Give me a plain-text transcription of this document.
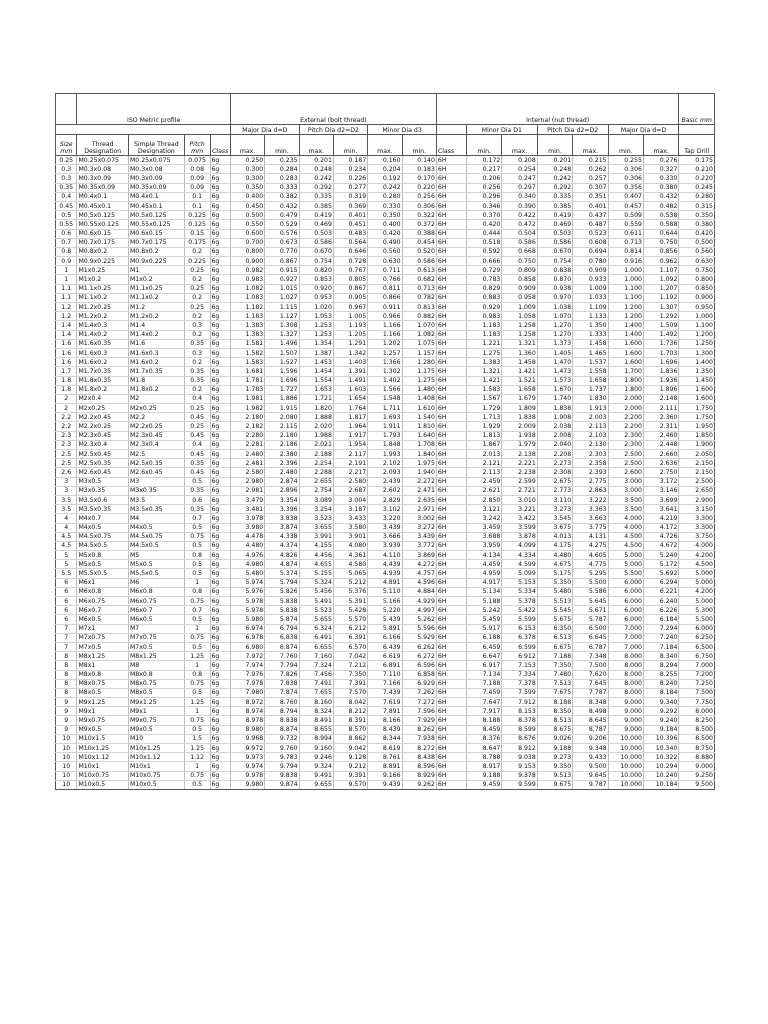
	ISO Metric profile				External (bolt thread)						Internal (nut thread)							Basic mm
					Major Dia d=D		Pitch Dia d2=D2		Minor Dia d3			Minor Dia D1		Pitch Dia d2=D2		Major Dia d=D		
Size mm	Thread Designation	Simple Thread Designation	Pitch mm	Class	max.	min.	max.	min.	max.	min.	Class	min.	max.	min.	max.	min.	max.	Tap Drill
0.25	M0.25x0.075	M0.25x0.075	0.075	6g	0.250	0.235	0.201	0.187	0.160	0.140	6H	0.172	0.208	0.201	0.215	0.255	0.276	0.175
0.3	M0.3x0.08	M0.3x0.08	0.08	6g	0.300	0.284	0.248	0.234	0.204	0.183	6H	0.217	0.254	0.248	0.262	0.306	0.327	0.210
0.3	M0.3x0.09	M0.3x0.09	0.09	6g	0.300	0.283	0.242	0.226	0.192	0.170	6H	0.206	0.247	0.242	0.257	0.306	0.330	0.220
0.35	M0.35x0.09	M0.35x0.09	0.09	6g	0.350	0.333	0.292	0.277	0.242	0.220	6H	0.256	0.297	0.292	0.307	0.356	0.380	0.245
0.4	M0.4x0.1	M0.4x0.1	0.1	6g	0.400	0.382	0.335	0.319	0.280	0.256	6H	0.296	0.340	0.335	0.351	0.407	0.432	0.280
0.45	M0.45x0.1	M0.45x0.1	0.1	6g	0.450	0.432	0.385	0.369	0.330	0.306	6H	0.346	0.390	0.385	0.401	0.457	0.482	0.315
0.5	M0.5x0.125	M0.5x0.125	0.125	6g	0.500	0.479	0.419	0.401	0.350	0.322	6H	0.370	0.422	0.419	0.437	0.509	0.538	0.350
0.55	M0.55x0.125	M0.55x0.125	0.125	6g	0.550	0.529	0.469	0.451	0.400	0.372	6H	0.420	0.472	0.469	0.487	0.559	0.588	0.380
0.6	M0.6x0.15	M0.6x0.15	0.15	6g	0.600	0.576	0.503	0.483	0.420	0.388	6H	0.444	0.504	0.503	0.523	0.611	0.644	0.420
0.7	M0.7x0.175	M0.7x0.175	0.175	6g	0.700	0.673	0.586	0.564	0.490	0.454	6H	0.518	0.586	0.586	0.608	0.713	0.750	0.500
0.8	M0.8x0.2	M0.8x0.2	0.2	6g	0.800	0.770	0.670	0.646	0.560	0.520	6H	0.592	0.668	0.670	0.694	0.814	0.856	0.560
0.9	M0.9x0.225	M0.9x0.225	0.225	6g	0.900	0.867	0.754	0.728	0.630	0.586	6H	0.666	0.750	0.754	0.780	0.916	0.962	0.630
1	M1x0.25	M1	0.25	6g	0.982	0.915	0.820	0.767	0.711	0.613	6H	0.729	0.809	0.838	0.909	1.000	1.107	0.750
1	M1x0.2	M1x0.2	0.2	6g	0.983	0.927	0.853	0.805	0.766	0.682	6H	0.783	0.858	0.870	0.933	1.000	1.092	0.800
1.1	M1.1x0.25	M1.1x0.25	0.25	6g	1.082	1.015	0.920	0.867	0.811	0.713	6H	0.829	0.909	0.938	1.009	1.100	1.207	0.850
1.1	M1.1x0.2	M1.1x0.2	0.2	6g	1.083	1.027	0.953	0.905	0.866	0.782	6H	0.883	0.958	0.970	1.033	1.100	1.192	0.900
1.2	M1.2x0.25	M1.2	0.25	6g	1.182	1.115	1.020	0.967	0.911	0.813	6H	0.929	1.009	1.038	1.109	1.200	1.307	0.950
1.2	M1.2x0.2	M1.2x0.2	0.2	6g	1.183	1.127	1.053	1.005	0.966	0.882	6H	0.983	1.058	1.070	1.133	1.200	1.292	1.000
1.4	M1.4x0.3	M1.4	0.3	6g	1.383	1.308	1.253	1.193	1.166	1.070	6H	1.183	1.258	1.270	1.350	1.400	1.509	1.100
1.4	M1.4x0.2	M1.4x0.2	0.2	6g	1.383	1.327	1.253	1.205	1.166	1.082	6H	1.183	1.258	1.270	1.333	1.400	1.492	1.200
1.6	M1.6x0.35	M1.6	0.35	6g	1.581	1.496	1.354	1.291	1.202	1.075	6H	1.221	1.321	1.373	1.458	1.600	1.736	1.250
1.6	M1.6x0.3	M1.6x0.3	0.3	6g	1.582	1.507	1.387	1.342	1.257	1.157	6H	1.275	1.360	1.405	1.465	1.600	1.703	1.300
1.6	M1.6x0.2	M1.6x0.2	0.2	6g	1.583	1.527	1.453	1.403	1.366	1.280	6H	1.383	1.458	1.470	1.537	1.600	1.696	1.400
1.7	M1.7x0.35	M1.7x0.35	0.35	6g	1.681	1.596	1.454	1.391	1.302	1.175	6H	1.321	1.421	1.473	1.558	1.700	1.836	1.350
1.8	M1.8x0.35	M1.8	0.35	6g	1.781	1.696	1.554	1.491	1.402	1.275	6H	1.421	1.521	1.573	1.658	1.800	1.936	1.450
1.8	M1.8x0.2	M1.8x0.2	0.2	6g	1.783	1.727	1.653	1.603	1.566	1.480	6H	1.583	1.658	1.670	1.737	1.800	1.896	1.600
2	M2x0.4	M2	0.4	6g	1.981	1.886	1.721	1.654	1.548	1.408	6H	1.567	1.679	1.740	1.830	2.000	2.148	1.600
2	M2x0.25	M2x0.25	0.25	6g	1.982	1.915	1.820	1.764	1.711	1.610	6H	1.729	1.809	1.838	1.913	2.000	2.111	1.750
2.2	M2.2x0.45	M2.2	0.45	6g	2.180	2.080	1.888	1.817	1.693	1.540	6H	1.713	1.838	1.908	2.003	2.200	2.360	1.750
2.2	M2.2x0.25	M2.2x0.25	0.25	6g	2.182	2.115	2.020	1.964	1.911	1.810	6H	1.929	2.009	2.038	2.113	2.200	2.311	1.950
2.3	M2.3x0.45	M2.3x0.45	0.45	6g	2.280	2.180	1.988	1.917	1.793	1.640	6H	1.813	1.938	2.008	2.103	2.300	2.460	1.850
2.3	M2.3x0.4	M2.3x0.4	0.4	6g	2.281	2.186	2.021	1.954	1.848	1.708	6H	1.867	1.979	2.040	2.130	2.300	2.448	1.900
2.5	M2.5x0.45	M2.5	0.45	6g	2.480	2.380	2.188	2.117	1.993	1.840	6H	2.013	2.138	2.208	2.303	2.500	2.660	2.050
2.5	M2.5x0.35	M2.5x0.35	0.35	6g	2.481	2.396	2.254	2.191	2.102	1.975	6H	2.121	2.221	2.273	2.358	2.500	2.636	2.150
2.6	M2.6x0.45	M2.6x0.45	0.45	6g	2.580	2.480	2.288	2.217	2.093	1.940	6H	2.113	2.238	2.308	2.393	2.600	2.750	2.150
3	M3x0.5	M3	0.5	6g	2.980	2.874	2.655	2.580	2.439	2.272	6H	2.459	2.599	2.675	2.775	3.000	3.172	2.500
3	M3x0.35	M3x0.35	0.35	6g	2.981	2.896	2.754	2.687	2.602	2.471	6H	2.621	2.721	2.773	2.863	3.000	3.146	2.650
3.5	M3.5x0.6	M3.5	0.6	6g	3.479	3.354	3.089	3.004	2.829	2.635	6H	2.850	3.010	3.110	3.222	3.500	3.699	2.900
3.5	M3.5x0.35	M3.5x0.35	0.35	6g	3.481	3.396	3.254	3.187	3.102	2.971	6H	3.121	3.221	3.273	3.363	3.500	3.641	3.150
4	M4x0.7	M4	0.7	6g	3.978	3.838	3.523	3.433	3.220	3.002	6H	3.242	3.422	3.545	3.663	4.000	4.219	3.300
4	M4x0.5	M4x0.5	0.5	6g	3.980	3.874	3.655	3.580	3.439	3.272	6H	3.459	3.599	3.675	3.775	4.000	4.172	3.300
4.5	M4.5x0.75	M4.5x0.75	0.75	6g	4.478	4.338	3.991	3.901	3.666	3.439	6H	3.688	3.878	4.013	4.131	4.500	4.726	3.750
4.5	M4.5x0.5	M4.5x0.5	0.5	6g	4.480	4.374	4.155	4.080	3.939	3.772	6H	3.959	4.099	4.175	4.275	4.500	4.672	4.000
5	M5x0.8	M5	0.8	6g	4.976	4.826	4.456	4.361	4.110	3.869	6H	4.134	4.334	4.480	4.605	5.000	5.240	4.200
5	M5x0.5	M5x0.5	0.5	6g	4.980	4.874	4.655	4.580	4.439	4.272	6H	4.459	4.599	4.675	4.775	5.000	5.172	4.500
5.5	M5.5x0.5	M5.5x0.5	0.5	6g	5.480	5.374	5.155	5.065	4.939	4.757	6H	4.959	5.099	5.175	5.295	5.500	5.692	5.000
6	M6x1	M6	1	6g	5.974	5.794	5.324	5.212	4.891	4.596	6H	4.917	5.153	5.350	5.500	6.000	6.294	5.000
6	M6x0.8	M6x0.8	0.8	6g	5.976	5.826	5.456	5.376	5.110	4.884	6H	5.134	5.334	5.480	5.586	6.000	6.221	4.200
6	M6x0.75	M6x0.75	0.75	6g	5.978	5.838	5.491	5.391	5.166	4.929	6H	5.188	5.378	5.513	5.645	6.000	6.240	5.000
6	M6x0.7	M6x0.7	0.7	6g	5.978	5.838	5.523	5.428	5.220	4.997	6H	5.242	5.422	5.545	5.671	6.000	6.226	5.300
6	M6x0.5	M6x0.5	0.5	6g	5.980	5.874	5.655	5.570	5.439	5.262	6H	5.459	5.599	5.675	5.787	6.000	6.184	5.500
7	M7x1	M7	1	6g	6.974	6.794	6.324	6.212	5.891	5.596	6H	5.917	6.153	6.350	6.500	7.000	7.294	6.000
7	M7x0.75	M7x0.75	0.75	6g	6.978	6.838	6.491	6.391	6.166	5.929	6H	6.188	6.378	6.513	6.645	7.000	7.240	6.250
7	M7x0.5	M7x0.5	0.5	6g	6.980	6.874	6.655	6.570	6.439	6.262	6H	6.459	6.599	6.675	6.787	7.000	7.184	6.500
8	M8x1.25	M8x1.25	1.25	6g	7.972	7.760	7.160	7.042	6.619	6.272	6H	6.647	6.912	7.188	7.348	8.000	8.340	6.750
8	M8x1	M8	1	6g	7.974	7.794	7.324	7.212	6.891	6.596	6H	6.917	7.153	7.350	7.500	8.000	8.294	7.000
8	M8x0.8	M8x0.8	0.8	6g	7.976	7.826	7.456	7.350	7.110	6.858	6H	7.134	7.334	7.480	7.620	8.000	8.255	7.200
8	M8x0.75	M8x0.75	0.75	6g	7.978	7.838	7.491	7.391	7.166	6.929	6H	7.188	7.378	7.513	7.645	8.000	8.240	7.250
8	M8x0.5	M8x0.5	0.5	6g	7.980	7.874	7.655	7.570	7.439	7.262	6H	7.459	7.599	7.675	7.787	8.000	8.184	7.500
9	M9x1.25	M9x1.25	1.25	6g	8.972	8.760	8.160	8.042	7.619	7.272	6H	7.647	7.912	8.188	8.348	9.000	9.340	7.750
9	M9x1	M9x1	1	6g	8.974	8.794	8.324	8.212	7.891	7.596	6H	7.917	8.153	8.350	8.498	9.000	9.292	8.000
9	M9x0.75	M9x0.75	0.75	6g	8.978	8.838	8.491	8.391	8.166	7.929	6H	8.188	8.378	8.513	8.645	9.000	9.240	8.250
9	M9x0.5	M9x0.5	0.5	6g	8.980	8.874	8.655	8.570	8.439	8.262	6H	8.459	8.599	8.675	8.787	9.000	9.184	8.500
10	M10x1.5	M10	1.5	6g	9.968	9.732	8.994	8.862	8.344	7.938	6H	8.376	8.676	9.026	9.206	10.000	10.396	8.500
10	M10x1.25	M10x1.25	1.25	6g	9.972	9.760	9.160	9.042	8.619	8.272	6H	8.647	8.912	9.188	9.348	10.000	10.340	8.750
10	M10x1.12	M10x1.12	1.12	6g	9.973	9.783	9.246	9.128	8.761	8.438	6H	8.788	9.038	9.273	9.433	10.000	10.322	8.880
10	M10x1	M10x1	1	6g	9.974	9.794	9.324	9.212	8.891	8.596	6H	8.917	9.153	9.350	9.500	10.000	10.294	9.000
10	M10x0.75	M10x0.75	0.75	6g	9.978	9.838	9.491	9.391	9.166	8.929	6H	9.188	9.378	9.513	9.645	10.000	10.240	9.250
10	M10x0.5	M10x0.5	0.5	6g	9.980	9.874	9.655	9.570	9.439	9.262	6H	9.459	9.599	9.675	9.787	10.000	10.184	9.500
